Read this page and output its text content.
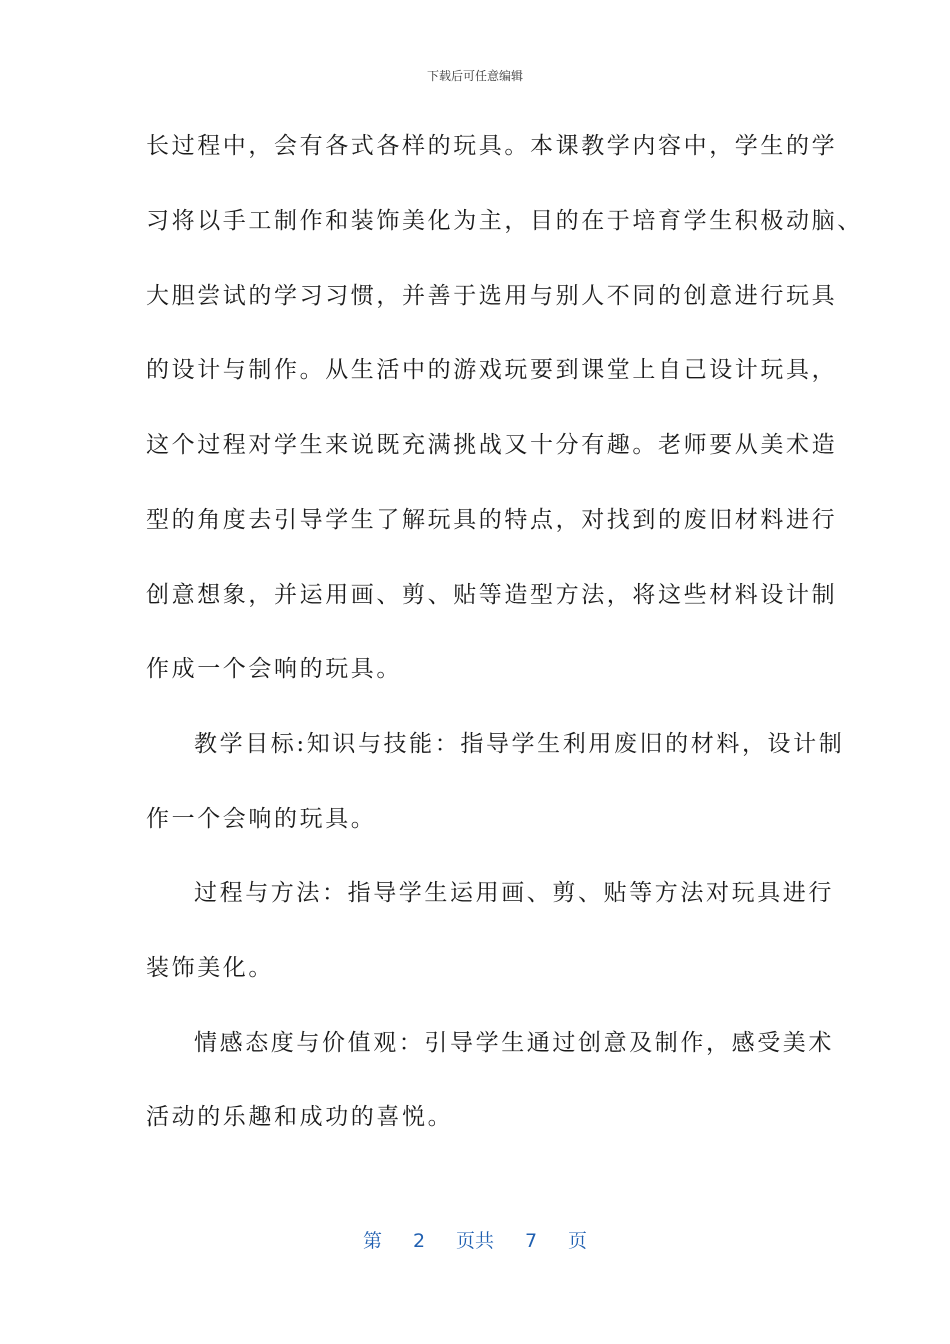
下载后可任意编辑
长过程中，会有各式各样的玩具。本课教学内容中，学生的学
习将以手工制作和装饰美化为主，目的在于培育学生积极动脑、
大胆尝试的学习习惯，并善于选用与别人不同的创意进行玩具
的设计与制作。从生活中的游戏玩要到课堂上自己设计玩具，
这个过程对学生来说既充满挑战又十分有趣。老师要从美术造
型的角度去引导学生了解玩具的特点，对找到的废旧材料进行
创意想象，并运用画、剪、贴等造型方法，将这些材料设计制
作成一个会响的玩具。
教学目标:知识与技能：指导学生利用废旧的材料，设计制
作一个会响的玩具。
过程与方法：指导学生运用画、剪、贴等方法对玩具进行
装饰美化。
情感态度与价值观：引导学生通过创意及制作，感受美术
活动的乐趣和成功的喜悦。
第 2 页共 7 页
